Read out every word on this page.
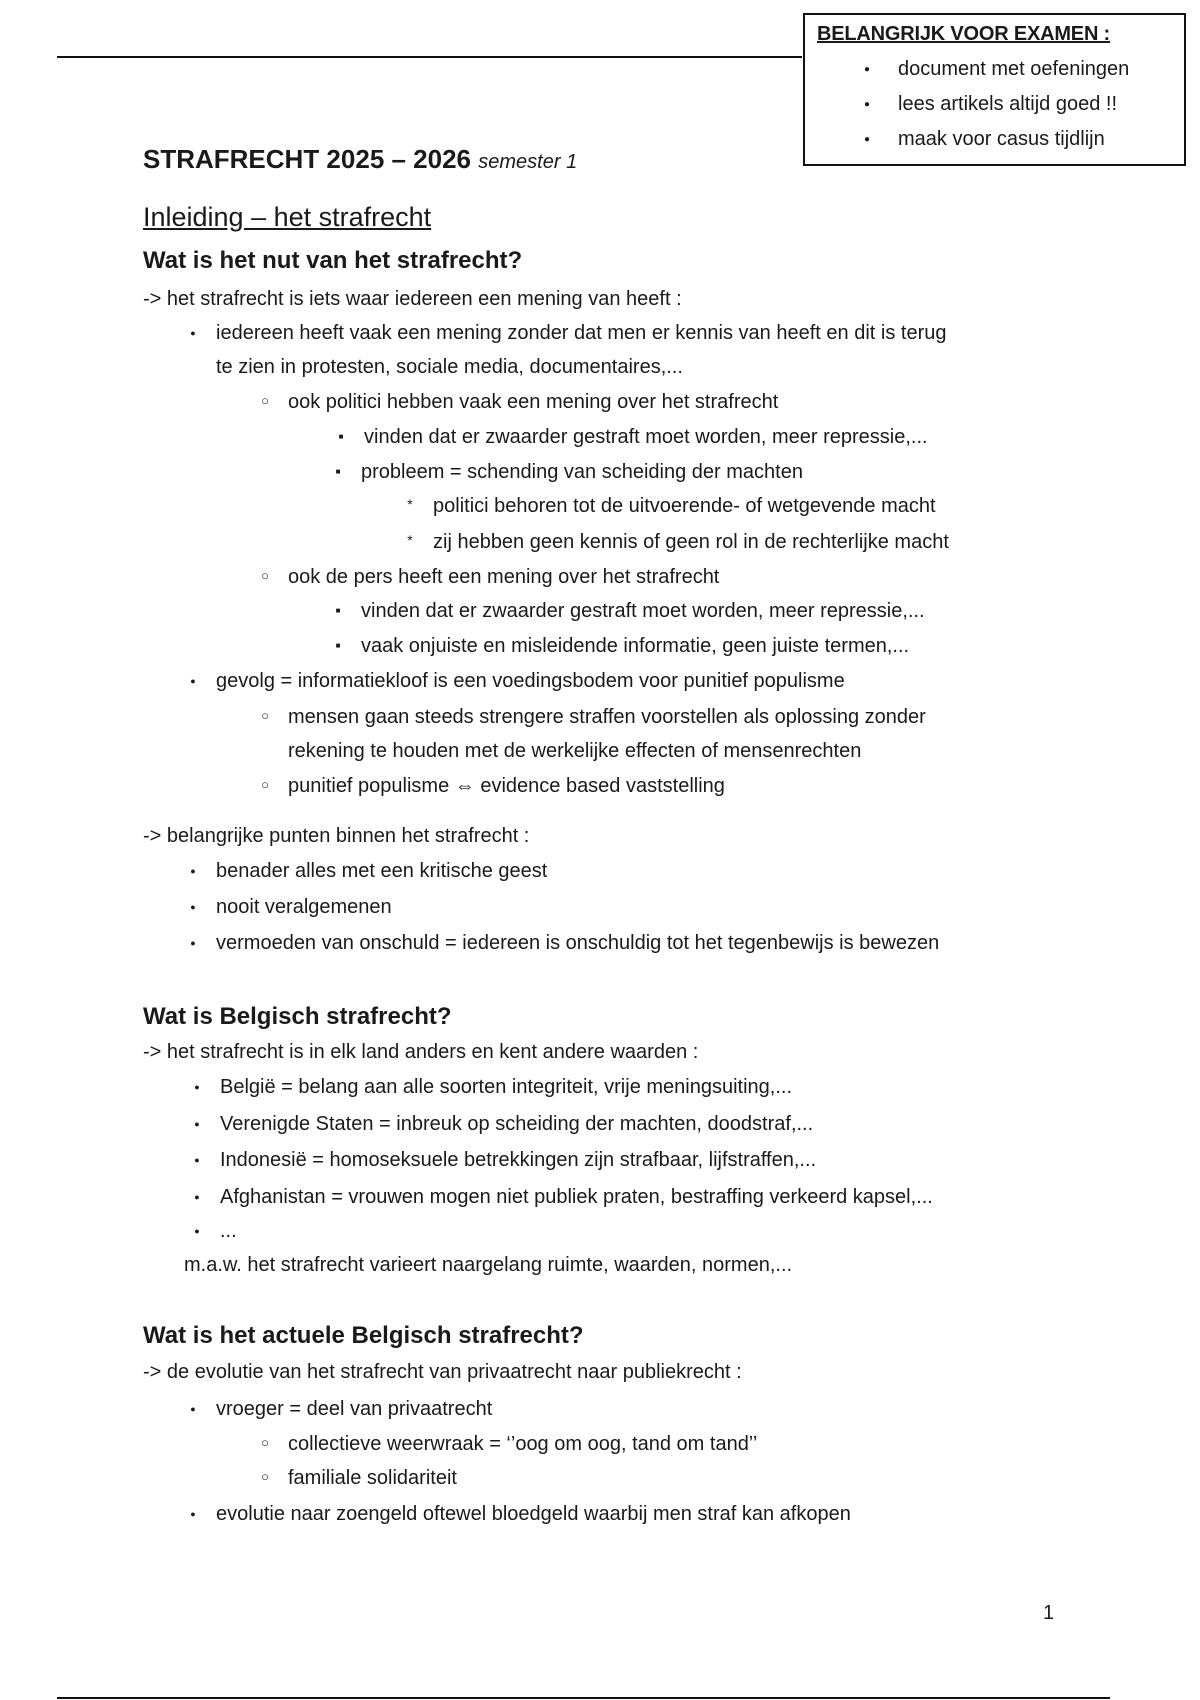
BELANGRIJK VOOR EXAMEN :
● document met oefeningen
● lees artikels altijd goed !!
● maak voor casus tijdlijn
STRAFRECHT 2025 – 2026 semester 1
Inleiding – het strafrecht
Wat is het nut van het strafrecht?
-> het strafrecht is iets waar iedereen een mening van heeft :
●	iedereen heeft vaak een mening zonder dat men er kennis van heeft en dit is terug
te zien in protesten, sociale media, documentaires,...
○ ook politici hebben vaak een mening over het strafrecht
■	vinden dat er zwaarder gestraft moet worden, meer repressie,...
■	probleem = schending van scheiding der machten
*	politici behoren tot de uitvoerende- of wetgevende macht
*	zij hebben geen kennis of geen rol in de rechterlijke macht
○ ook de pers heeft een mening over het strafrecht
■	vinden dat er zwaarder gestraft moet worden, meer repressie,...
■	vaak onjuiste en misleidende informatie, geen juiste termen,...
●	gevolg = informatiekloof is een voedingsbodem voor punitief populisme
○ mensen gaan steeds strengere straffen voorstellen als oplossing zonder
rekening te houden met de werkelijke effecten of mensenrechten
○ punitief populisme ⇔ evidence based vaststelling
-> belangrijke punten binnen het strafrecht :
●	benader alles met een kritische geest
●	nooit veralgemenen
●	vermoeden van onschuld = iedereen is onschuldig tot het tegenbewijs is bewezen
Wat is Belgisch strafrecht?
-> het strafrecht is in elk land anders en kent andere waarden :
●	België = belang aan alle soorten integriteit, vrije meningsuiting,...
●	Verenigde Staten = inbreuk op scheiding der machten, doodstraf,...
●	Indonesië = homoseksuele betrekkingen zijn strafbaar, lijfstraffen,...
●	Afghanistan = vrouwen mogen niet publiek praten, bestraffing verkeerd kapsel,...
●	...
m.a.w. het strafrecht varieert naargelang ruimte, waarden, normen,...
Wat is het actuele Belgisch strafrecht?
-> de evolutie van het strafrecht van privaatrecht naar publiekrecht :
●	vroeger = deel van privaatrecht
○ collectieve weerwraak = ‘’oog om oog, tand om tand’’
○ familiale solidariteit
●	evolutie naar zoengeld oftewel bloedgeld waarbij men straf kan afkopen
1
